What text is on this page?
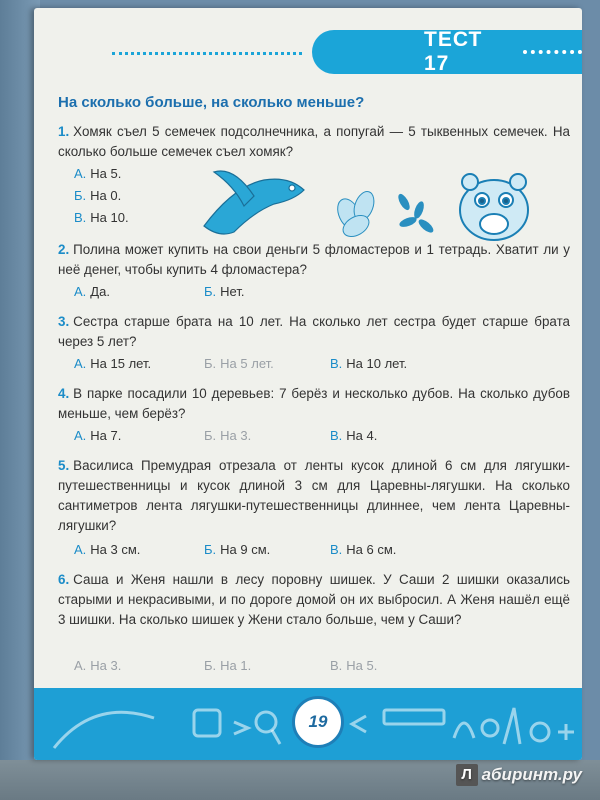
ТЕСТ 17
На сколько больше, на сколько меньше?
1. Хомяк съел 5 семечек подсолнечника, а попугай — 5 тыквенных семечек. На сколько больше семечек съел хомяк?
А. На 5.
Б. На 0.
В. На 10.
2. Полина может купить на свои деньги 5 фломастеров и 1 тетрадь. Хватит ли у неё денег, чтобы купить 4 фломастера?
А. Да.	Б. Нет.
3. Сестра старше брата на 10 лет. На сколько лет сестра будет старше брата через 5 лет?
А. На 15 лет.	Б. На 5 лет.	В. На 10 лет.
4. В парке посадили 10 деревьев: 7 берёз и несколько дубов. На сколько дубов меньше, чем берёз?
А. На 7.	Б. На 3.	В. На 4.
5. Василиса Премудрая отрезала от ленты кусок длиной 6 см для лягушки-путешественницы и кусок длиной 3 см для Царевны-лягушки. На сколько сантиметров лента лягушки-путешественницы длиннее, чем лента Царевны-лягушки?
А. На 3 см.	Б. На 9 см.	В. На 6 см.
6. Саша и Женя нашли в лесу поровну шишек. У Саши 2 шишки оказались старыми и некрасивыми, и по дороге домой он их выбросил. А Женя нашёл ещё 3 шишки. На сколько шишек у Жени стало больше, чем у Саши?
А. На 3.	Б. На 1.	В. На 5.
19
Л абиринт.ру
